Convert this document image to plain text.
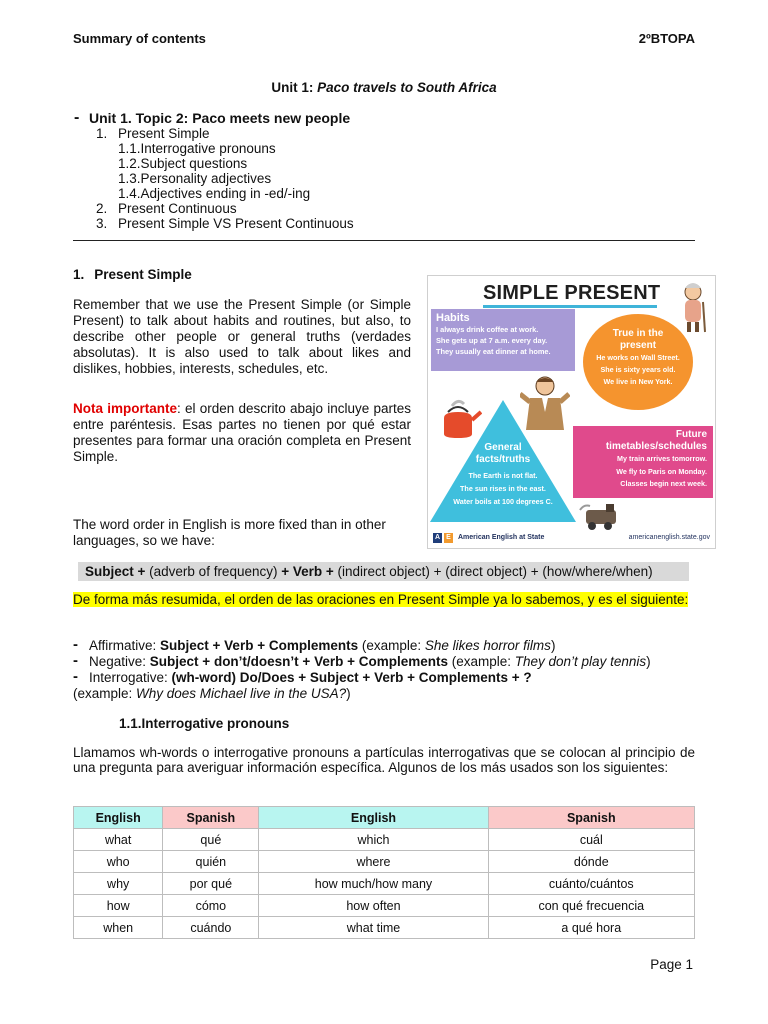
Summary of contents	2ºBTOPA
Unit 1: Paco travels to South Africa
- Unit 1. Topic 2: Paco meets new people
1. Present Simple
1.1.Interrogative pronouns
1.2.Subject questions
1.3.Personality adjectives
1.4.Adjectives ending in -ed/-ing
2. Present Continuous
3. Present Simple VS Present Continuous
1. Present Simple
Remember that we use the Present Simple (or Simple Present) to talk about habits and routines, but also, to describe other people or general truths (verdades absolutas). It is also used to talk about likes and dislikes, hobbies, interests, schedules, etc.
Nota importante: el orden descrito abajo incluye partes entre paréntesis. Esas partes no tienen por qué estar presentes para formar una oración completa en Present Simple.
The word order in English is more fixed than in other languages, so we have:
SIMPLE PRESENT
Habits
I always drink coffee at work.
She gets up at 7 a.m. every day.
They usually eat dinner at home.
True in the
present
He works on Wall Street.
She is sixty years old.
We live in New York.
General
facts/truths
The Earth is not flat.
The sun rises in the east.
Water boils at 100 degrees C.
Future
timetables/schedules
My train arrives tomorrow.
We fly to Paris on Monday.
Classes begin next week.
A E	American English at State	americanenglish.state.gov
Subject + (adverb of frequency) + Verb + (indirect object) + (direct object) + (how/where/when)
De forma más resumida, el orden de las oraciones en Present Simple ya lo sabemos, y es el siguiente:
- Affirmative: Subject + Verb + Complements (example: She likes horror films)
- Negative: Subject + don’t/doesn’t + Verb + Complements (example: They don’t play tennis)
- Interrogative: (wh-word) Do/Does + Subject + Verb + Complements + ?
(example: Why does Michael live in the USA?)
1.1.Interrogative pronouns
Llamamos wh-words o interrogative pronouns a partículas interrogativas que se colocan al principio de una pregunta para averiguar información específica. Algunos de los más usados son los siguientes:
English	Spanish	English	Spanish
what	qué	which	cuál
who	quién	where	dónde
why	por qué	how much/how many	cuánto/cuántos
how	cómo	how often	con qué frecuencia
when	cuándo	what time	a qué hora
Page 1
